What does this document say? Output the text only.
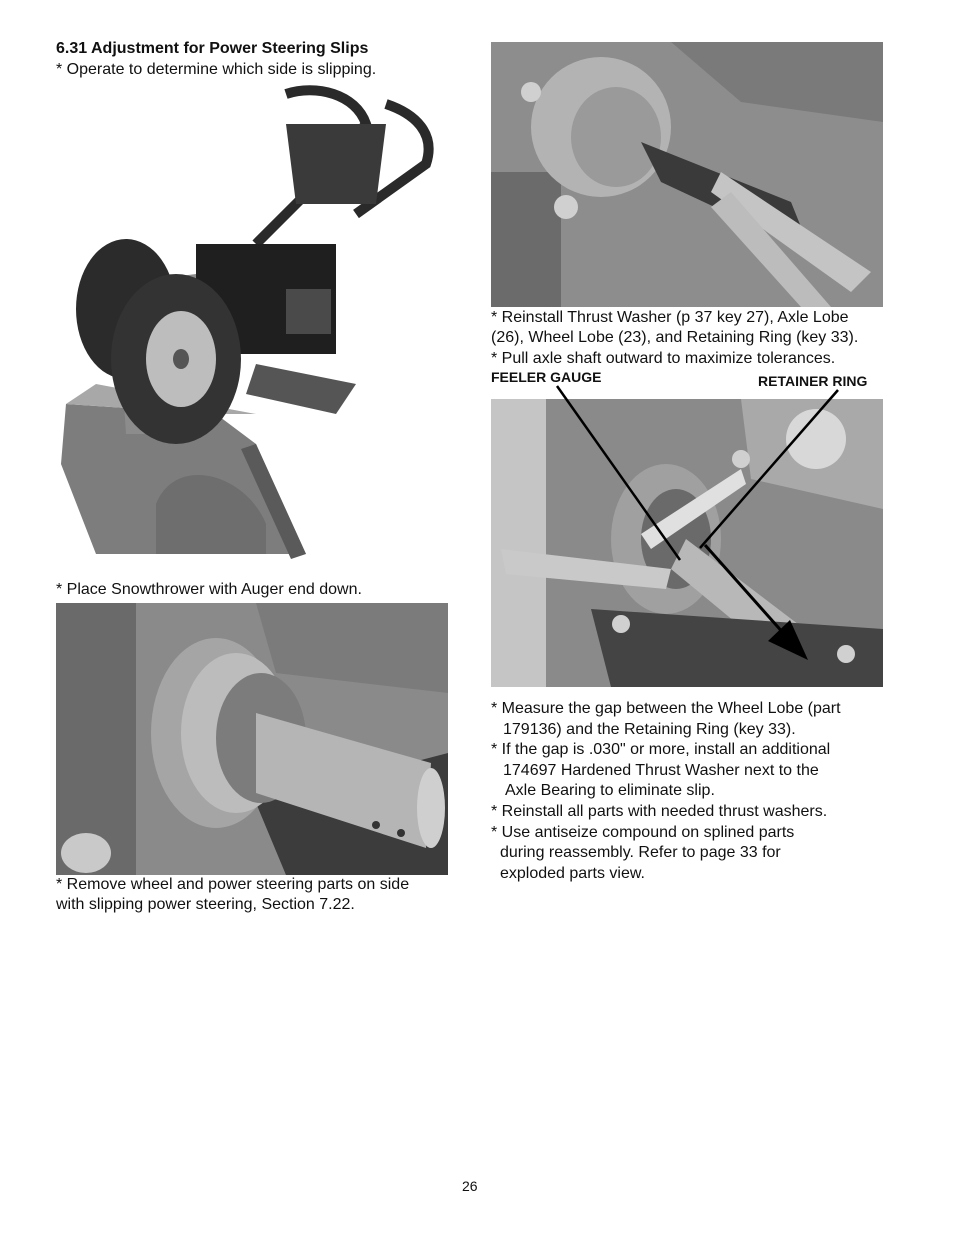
6.31 Adjustment for Power Steering Slips
* Operate to determine which side is slipping.
* Place Snowthrower with Auger end down.
* Remove wheel and power steering parts on side
with slipping power steering, Section 7.22.
* Reinstall Thrust Washer (p 37 key 27), Axle Lobe
(26), Wheel Lobe (23), and Retaining Ring (key 33).
* Pull axle shaft outward to maximize tolerances.
FEELER GAUGE	RETAINER RING
* Measure the gap between the Wheel Lobe (part
179136) and the Retaining Ring (key 33).
* If the gap is .030" or more, install an additional
174697 Hardened Thrust Washer next to the
Axle Bearing to eliminate slip.
* Reinstall all parts with needed thrust washers.
* Use antiseize compound on splined parts
during reassembly. Refer to page 33 for
exploded parts view.
26
